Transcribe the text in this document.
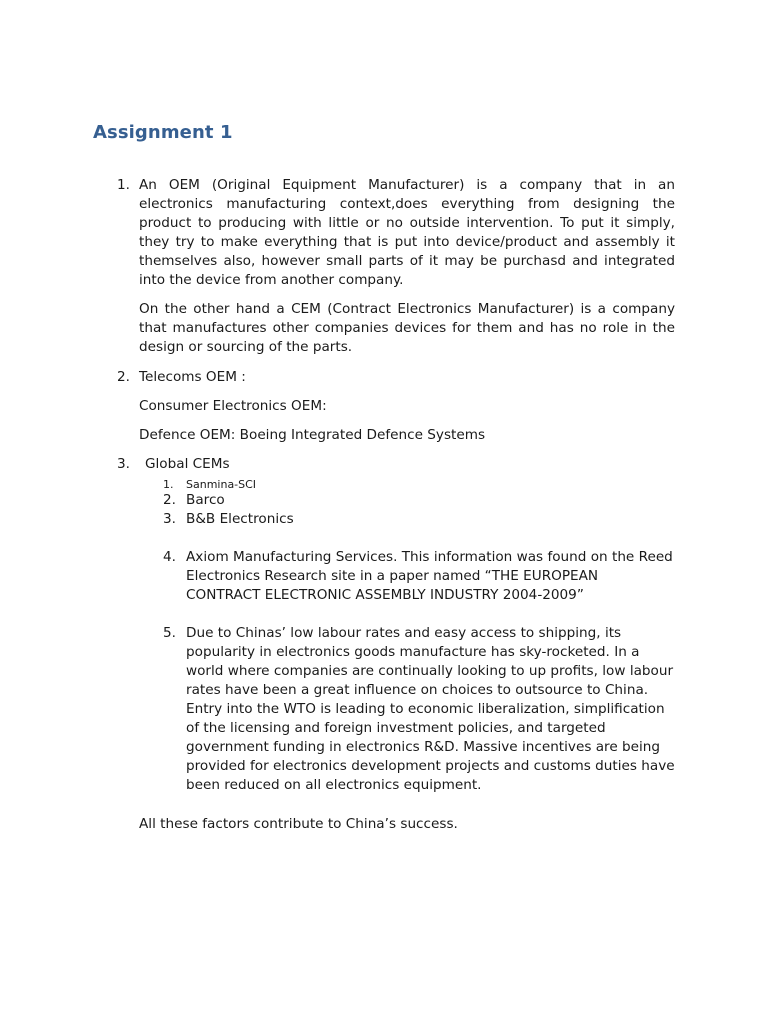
Assignment 1
1. An OEM (Original Equipment Manufacturer) is a company that in an electronics manufacturing context,does everything from designing the product to producing with little or no outside intervention. To put it simply, they try to make everything that is put into device/product and assembly it themselves also, however small parts of it may be purchasd and integrated into the device from another company.

On the other hand a CEM (Contract Electronics Manufacturer) is a company that manufactures other companies devices for them and has no role in the design or sourcing of the parts.

2. Telecoms OEM :

Consumer Electronics OEM:

Defence OEM: Boeing Integrated Defence Systems

3. Global CEMs

1. Sanmina-SCI

2. Barco

3. B&B Electronics

4. Axiom Manufacturing Services. This information was found on the Reed Electronics Research site in a paper named “THE EUROPEAN CONTRACT ELECTRONIC ASSEMBLY INDUSTRY 2004-2009”

5. Due to Chinas’ low labour rates and easy access to shipping, its popularity in electronics goods manufacture has sky-rocketed. In a world where companies are continually looking to up profits, low labour rates have been a great influence on choices to outsource to China. Entry into the WTO is leading to economic liberalization, simplification of the licensing and foreign investment policies, and targeted government funding in electronics R&D. Massive incentives are being provided for electronics development projects and customs duties have been reduced on all electronics equipment.

All these factors contribute to China’s success.
